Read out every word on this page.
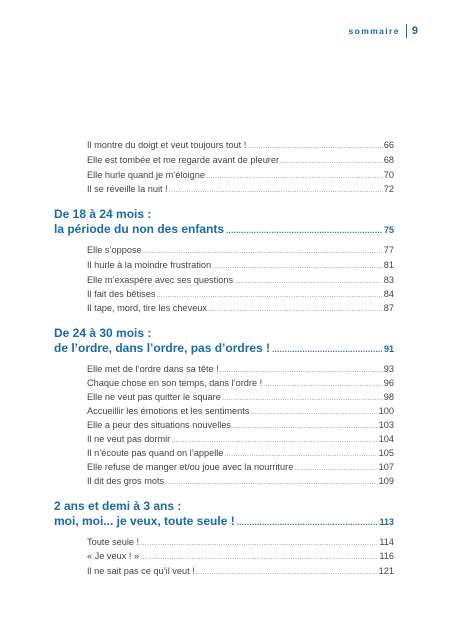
sommaire 9
Il montre du doigt et veut toujours tout ! .....	66
Elle est tombée et me regarde avant de pleurer .....	68
Elle hurle quand je m’éloigne .....	70
Il se réveille la nuit ! .....	72
De 18 à 24 mois :
la période du non des enfants .....	75
Elle s’oppose .....	77
Il hurle à la moindre frustration .....	81
Elle m’exaspère avec ses questions .....	83
Il fait des bêtises .....	84
Il tape, mord, tire les cheveux .....	87
De 24 à 30 mois :
de l’ordre, dans l’ordre, pas d’ordres ! .....	91
Elle met de l’ordre dans sa tête ! .....	93
Chaque chose en son temps, dans l’ordre ! .....	96
Elle ne veut pas quitter le square .....	98
Accueillir les émotions et les sentiments .....	100
Elle a peur des situations nouvelles .....	103
Il ne veut pas dormir .....	104
Il n’écoute pas quand on l’appelle .....	105
Elle refuse de manger et/ou joue avec la nourriture .....	107
Il dit des gros mots .....	109
2 ans et demi à 3 ans :
moi, moi... je veux, toute seule ! .....	113
Toute seule ! .....	114
« Je veux ! » .....	116
Il ne sait pas ce qu’il veut ! .....	121
